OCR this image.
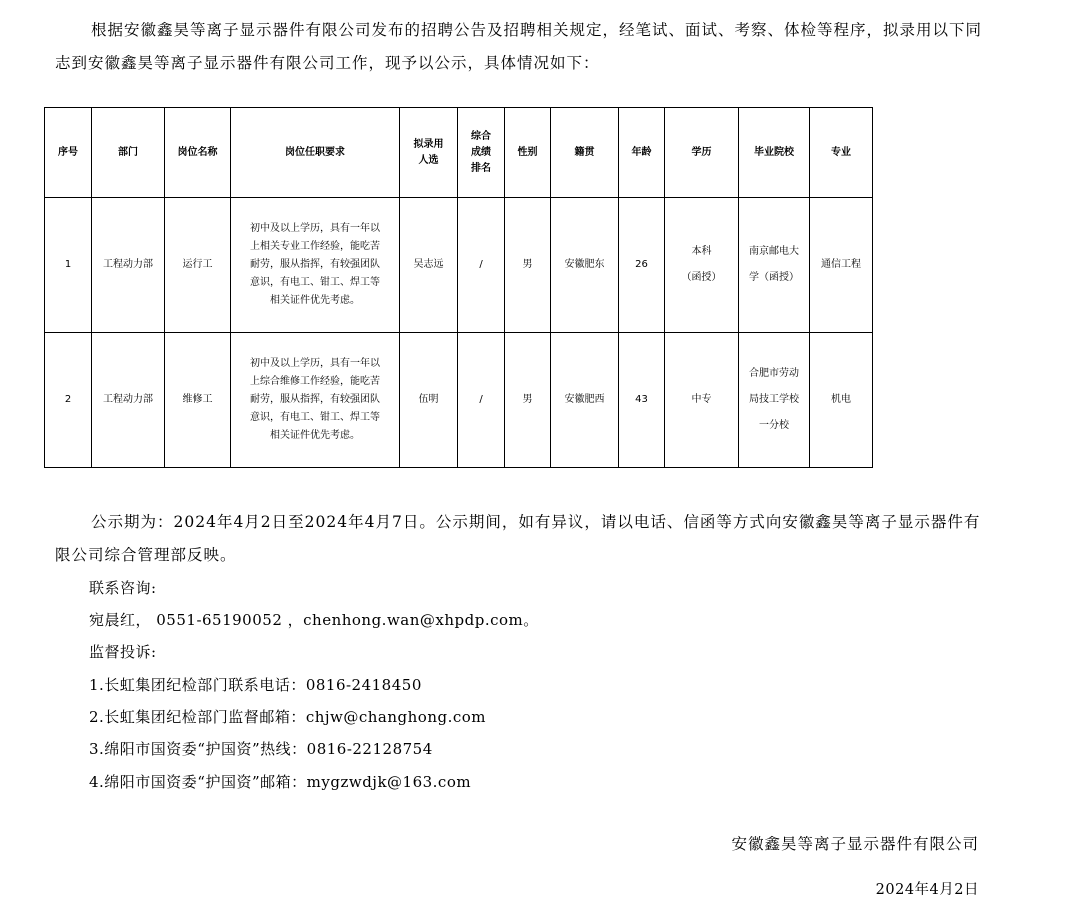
根据安徽鑫昊等离子显示器件有限公司发布的招聘公告及招聘相关规定，经笔试、面试、考察、体检等程序，拟录用以下同志到安徽鑫昊等离子显示器件有限公司工作，现予以公示，具体情况如下：

序号	部门	岗位名称	岗位任职要求	拟录用
人选	综合
成绩
排名	性别	籍贯	年龄	学历	毕业院校	专业
1	工程动力部	运行工	初中及以上学历，具有一年以
上相关专业工作经验，能吃苦
耐劳，服从指挥，有较强团队
意识，有电工、钳工、焊工等
相关证件优先考虑。	吴志远	/	男	安徽肥东	26	本科
（函授）	南京邮电大
学（函授）	通信工程
2	工程动力部	维修工	初中及以上学历，具有一年以
上综合维修工作经验，能吃苦
耐劳，服从指挥，有较强团队
意识，有电工、钳工、焊工等
相关证件优先考虑。	伍明	/	男	安徽肥西	43	中专	合肥市劳动
局技工学校
一分校	机电

公示期为：2024年4月2日至2024年4月7日。公示期间，如有异议，请以电话、信函等方式向安徽鑫昊等离子显示器件有限公司综合管理部反映。

联系咨询:

宛晨红， 0551-65190052 ，chenhong.wan@xhpdp.com。

监督投诉:

1.长虹集团纪检部门联系电话：0816-2418450

2.长虹集团纪检部门监督邮箱：chjw@changhong.com

3.绵阳市国资委“护国资”热线：0816-22128754

4.绵阳市国资委“护国资”邮箱：mygzwdjk@163.com

安徽鑫昊等离子显示器件有限公司
2024年4月2日
